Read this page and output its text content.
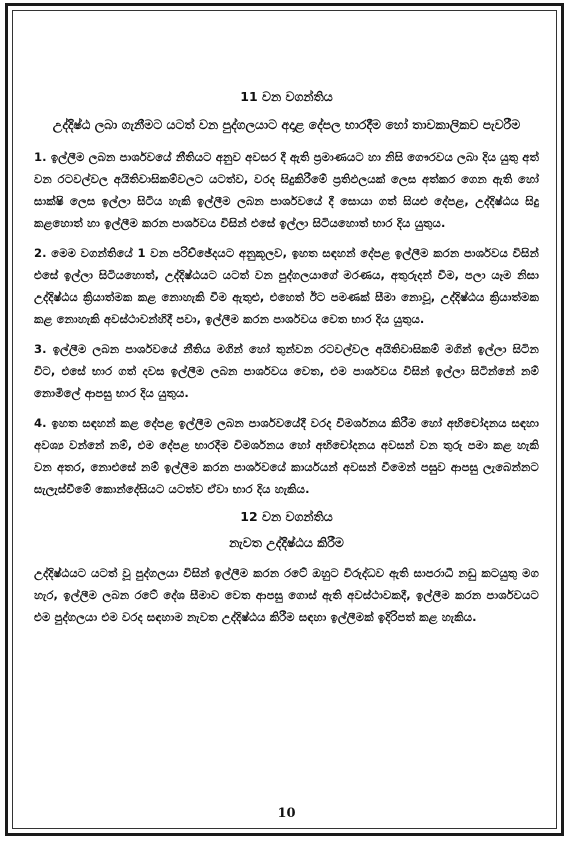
11 වන වගන්තිය
උද්දිෂ්ඨ ලබා ගැනීමට යටත් වන පුද්ගලයාට අදාළ දේපල භාරදීම හෝ තාවකාලිකව පැවරීම

1. ඉල්ලීම ලබන පාර්ශවයේ නීතියට අනුව අවසර දී ඇති ප්‍රමාණයට හා නිසි ගෞරවය ලබා දිය යුතු අත් වන රටවල්වල අයිතිවාසිකම්වලට යටත්ව, වරද සිදුකිරීමේ ප්‍රතිඵලයක් ලෙස අත්කර ගෙන ඇති හෝ සාක්ෂි ලෙස ඉල්ලා සිටිය හැකි ඉල්ලීම ලබන පාර්ශවයේ දී සොයා ගත් සියළු දේපළ, උද්දිෂ්ඨය සිදු කළහොත් හා ඉල්ලීම කරන පාර්ශවය විසින් එසේ ඉල්ලා සිටියහොත් භාර දිය යුතුය.

2. මෙම වගන්තියේ 1 වන පරිච්ඡේදයට අනුකූලව, ඉහත සඳහන් දේපළ ඉල්ලීම කරන පාර්ශවය විසින් එසේ ඉල්ලා සිටියහොත්, උද්දිෂ්ඨයට යටත් වන පුද්ගලයාගේ මරණය, අතුරුදන් වීම, පලා යෑම නිසා උද්දිෂ්ඨය ක්‍රියාත්මක කළ නොහැකි වීම ඇතුළු, එහෙත් ඊට පමණක් සීමා නොවූ, උද්දිෂ්ඨය ක්‍රියාත්මක කළ නොහැකි අවස්ථාවන්හිදී පවා, ඉල්ලීම කරන පාර්ශවය වෙත භාර දිය යුතුය.

3. ඉල්ලීම ලබන පාර්ශවයේ නීතිය මගින් හෝ තුන්වන රටවල්වල අයිතිවාසිකම් මගින් ඉල්ලා සිටින විට, එසේ භාර ගත් දවස ඉල්ලීම ලබන පාර්ශවය වෙත, එම පාර්ශවය විසින් ඉල්ලා සිටින්නේ නම් නොමිලේ ආපසු භාර දිය යුතුය.

4. ඉහත සඳහන් කළ දේපළ ඉල්ලීම ලබන පාර්ශවයේදී වරද විමර්ශනය කිරීම හෝ අභිචෝදනය සඳහා අවශ්‍ය වන්නේ නම්, එම දේපළ භාරදීම විමර්ශනය හෝ අභිචෝදනය අවසන් වන තුරු පමා කළ හැකි වන අතර, නොඑසේ නම් ඉල්ලීම කරන පාර්ශවයේ කාර්යයන් අවසන් වීමෙන් පසුව ආපසු ලැබෙන්නට සැලැස්වීමේ කොන්දේසියට යටත්ව ඒවා භාර දිය හැකිය.

12 වන වගන්තිය
නැවත උද්දිෂ්ඨය කිරීම

උද්දිෂ්ඨයට යටත් වූ පුද්ගලයා විසින් ඉල්ලීම කරන රටේ ඔහුට විරුද්ධව ඇති සාපරාධී නඩු කටයුතු මග හැර, ඉල්ලීම ලබන රටේ දේශ සීමාව වෙත ආපසු ගොස් ඇති අවස්ථාවකදී, ඉල්ලීම කරන පාර්ශවයට එම පුද්ගලයා එම වරද සඳහාම නැවත උද්දිෂ්ඨය කිරීම සඳහා ඉල්ලීමක් ඉදිරිපත් කළ හැකිය.

10
